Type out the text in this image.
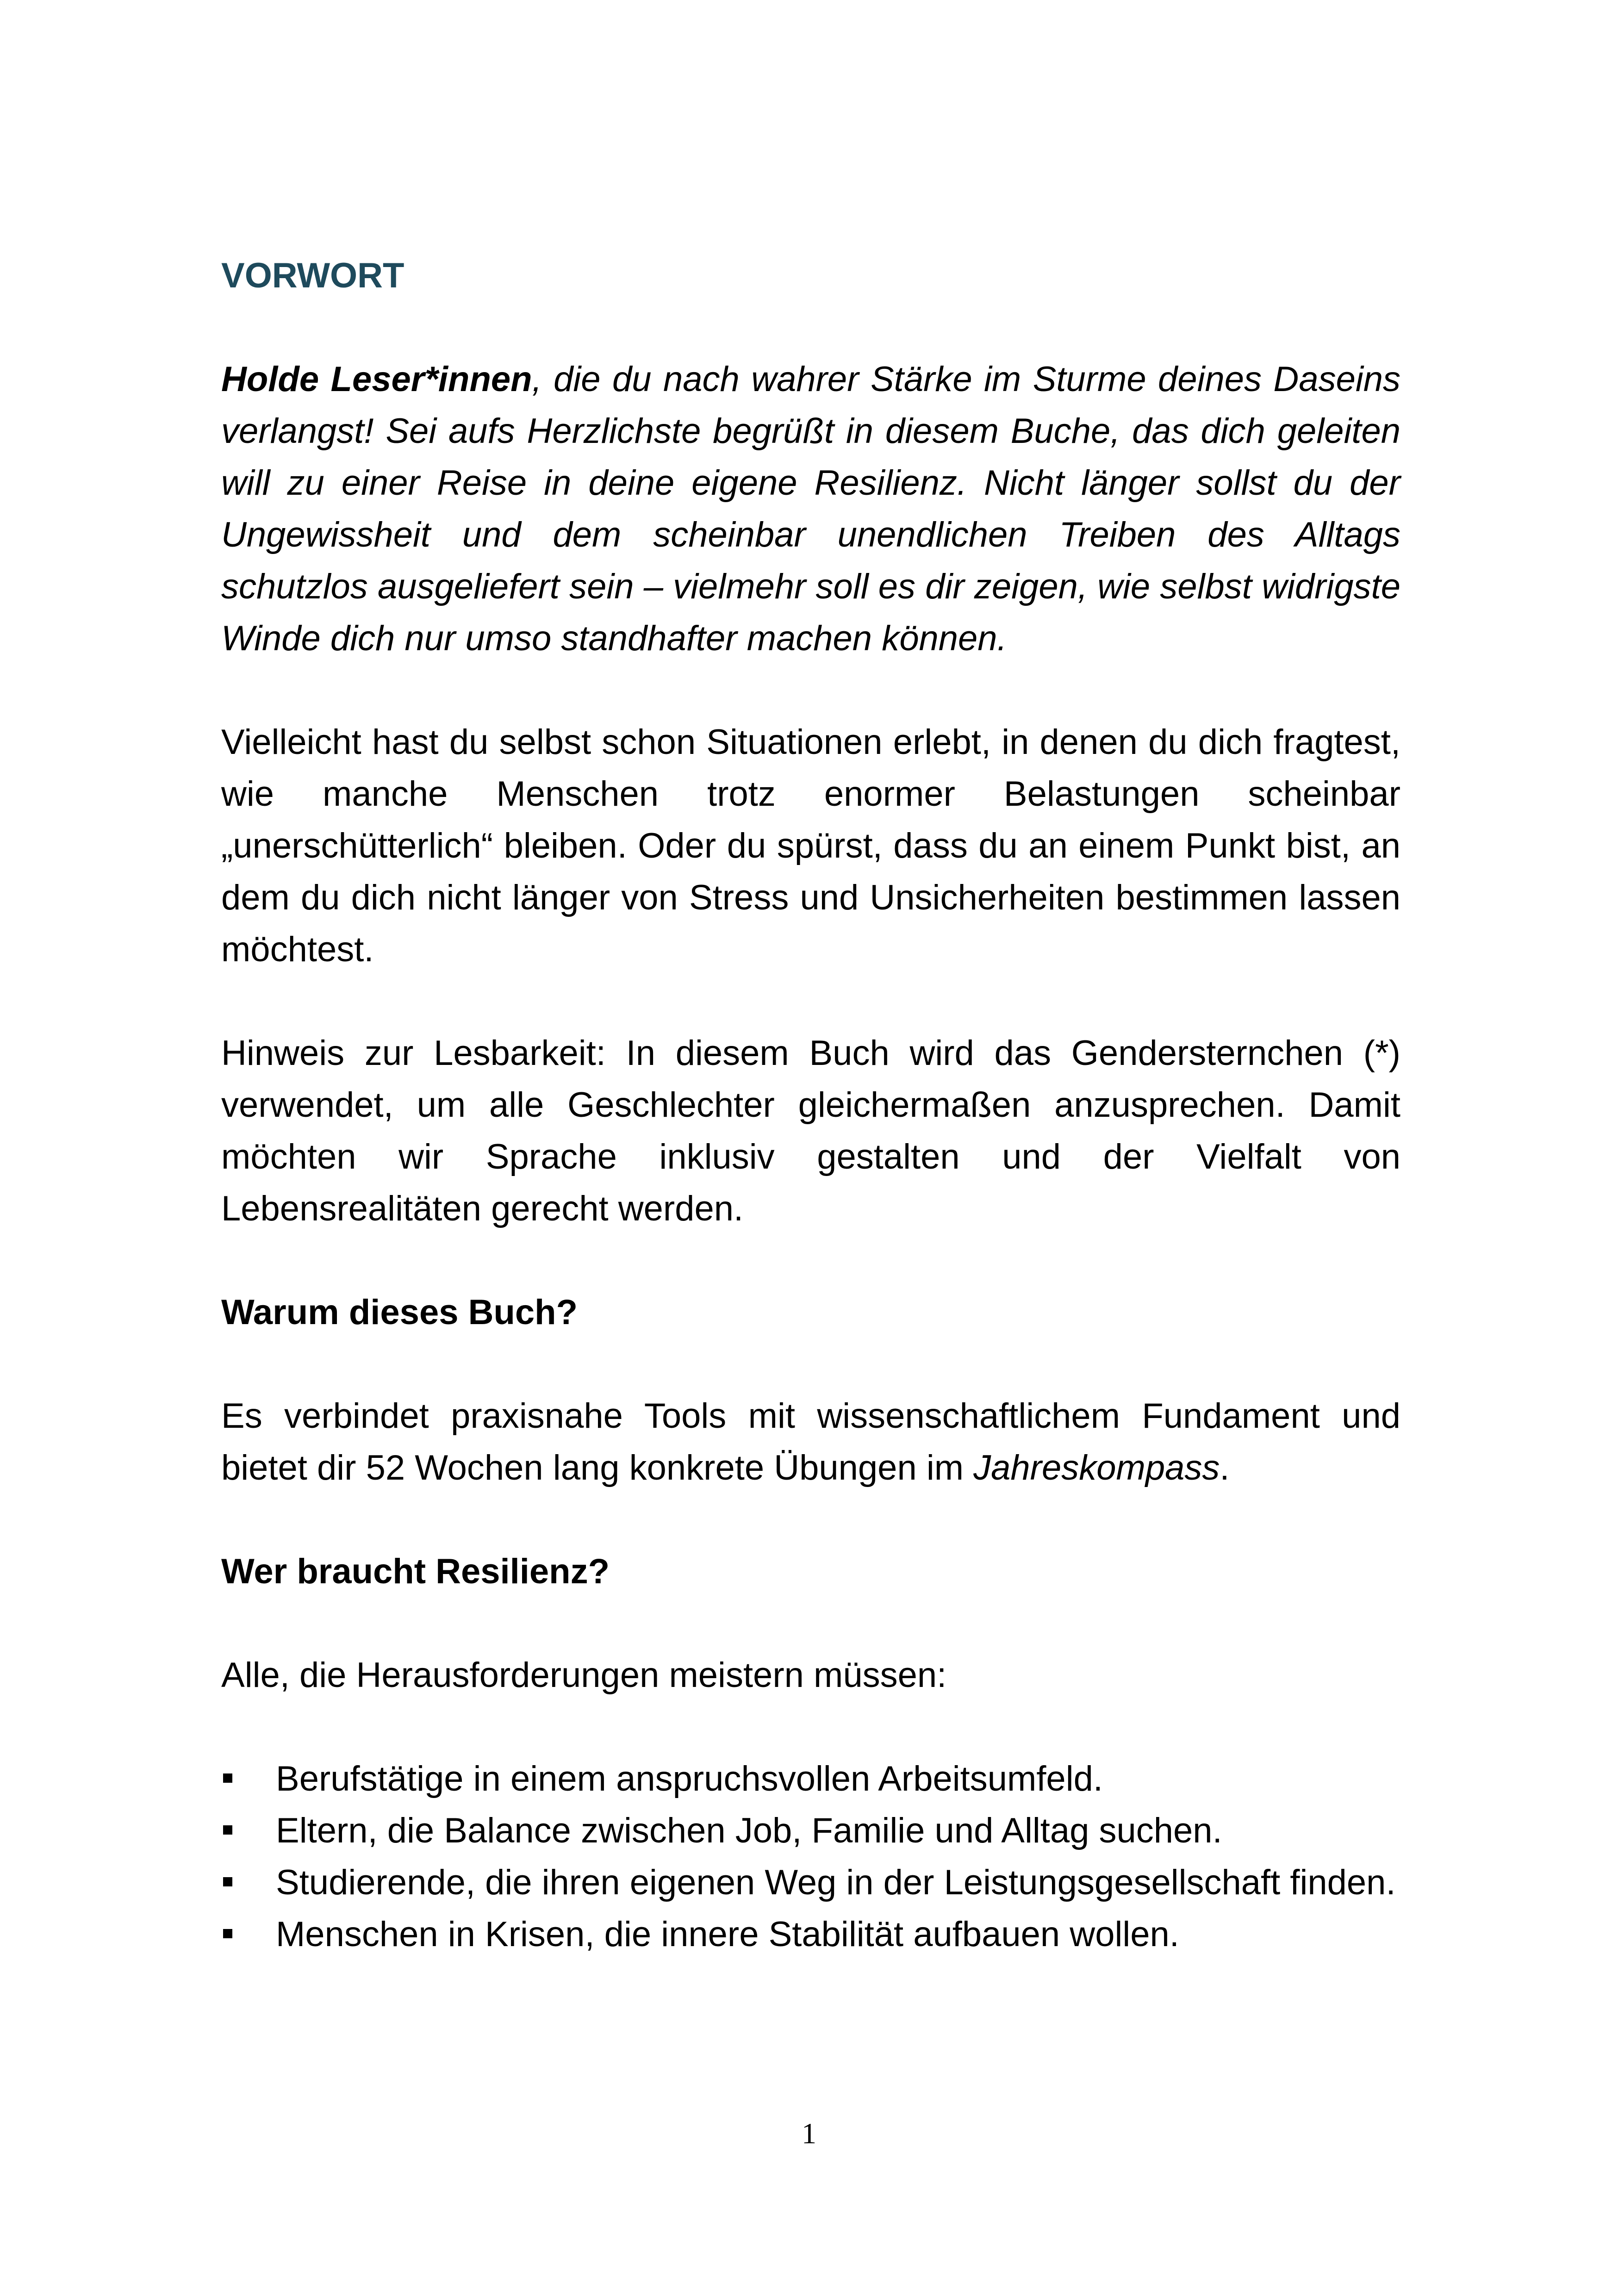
VORWORT

Holde Leser*innen, die du nach wahrer Stärke im Sturme deines Daseins verlangst! Sei aufs Herzlichste begrüßt in diesem Buche, das dich geleiten will zu einer Reise in deine eigene Resilienz. Nicht länger sollst du der Ungewissheit und dem scheinbar unendlichen Treiben des Alltags schutzlos ausgeliefert sein – vielmehr soll es dir zeigen, wie selbst widrigste Winde dich nur umso standhafter machen können.

Vielleicht hast du selbst schon Situationen erlebt, in denen du dich fragtest, wie manche Menschen trotz enormer Belastungen scheinbar „unerschütterlich“ bleiben. Oder du spürst, dass du an einem Punkt bist, an dem du dich nicht länger von Stress und Unsicherheiten bestimmen lassen möchtest.

Hinweis zur Lesbarkeit: In diesem Buch wird das Gendersternchen (*) verwendet, um alle Geschlechter gleichermaßen anzusprechen. Damit möchten wir Sprache inklusiv gestalten und der Vielfalt von Lebensrealitäten gerecht werden.

Warum dieses Buch?

Es verbindet praxisnahe Tools mit wissenschaftlichem Fundament und bietet dir 52 Wochen lang konkrete Übungen im Jahreskompass.

Wer braucht Resilienz?

Alle, die Herausforderungen meistern müssen:

Berufstätige in einem anspruchsvollen Arbeitsumfeld.
Eltern, die Balance zwischen Job, Familie und Alltag suchen.
Studierende, die ihren eigenen Weg in der Leistungsgesellschaft finden.
Menschen in Krisen, die innere Stabilität aufbauen wollen.
1
